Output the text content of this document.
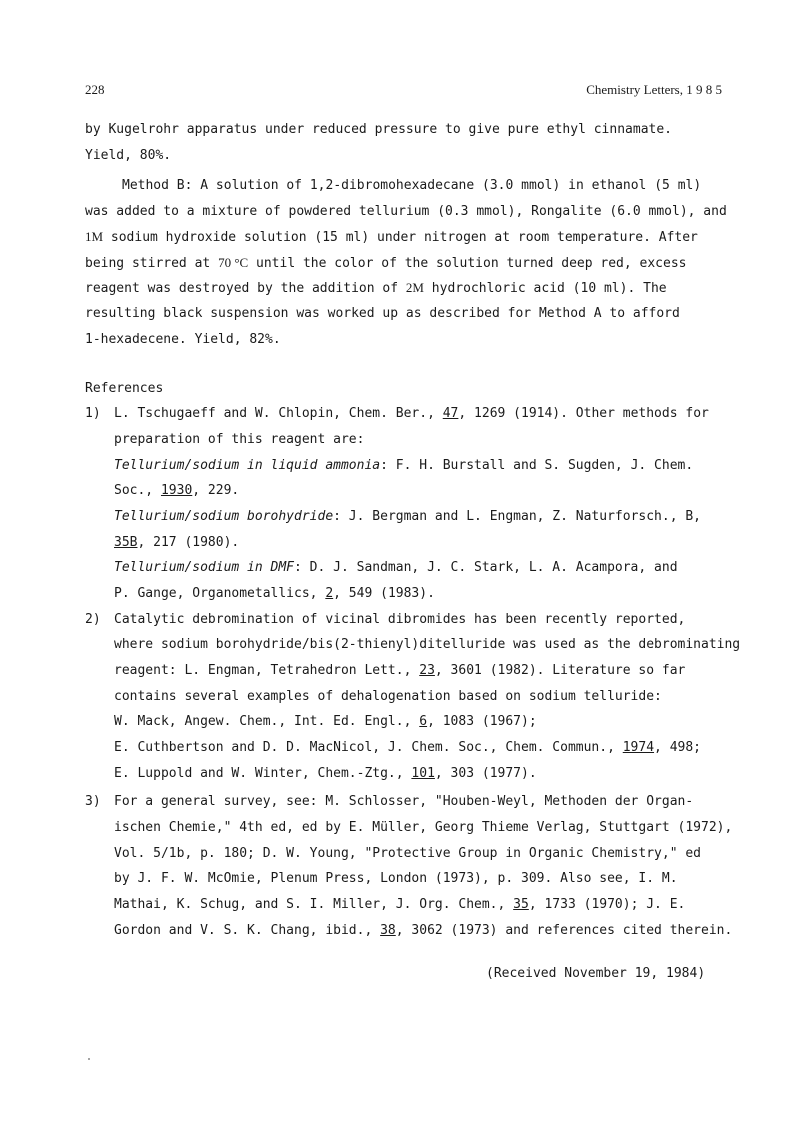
228	Chemistry Letters, 1 9 8 5
by Kugelrohr apparatus under reduced pressure to give pure ethyl cinnamate.
Yield, 80%.
Method B: A solution of 1,2-dibromohexadecane (3.0 mmol) in ethanol (5 ml)
was added to a mixture of powdered tellurium (0.3 mmol), Rongalite (6.0 mmol), and
1M sodium hydroxide solution (15 ml) under nitrogen at room temperature. After
being stirred at 70 °C until the color of the solution turned deep red, excess
reagent was destroyed by the addition of 2M hydrochloric acid (10 ml). The
resulting black suspension was worked up as described for Method A to afford
1-hexadecene. Yield, 82%.
References
1) L. Tschugaeff and W. Chlopin, Chem. Ber., 47, 1269 (1914). Other methods for
preparation of this reagent are:
Tellurium/sodium in liquid ammonia: F. H. Burstall and S. Sugden, J. Chem.
Soc., 1930, 229.
Tellurium/sodium borohydride: J. Bergman and L. Engman, Z. Naturforsch., B,
35B, 217 (1980).
Tellurium/sodium in DMF: D. J. Sandman, J. C. Stark, L. A. Acampora, and
P. Gange, Organometallics, 2, 549 (1983).
2) Catalytic debromination of vicinal dibromides has been recently reported,
where sodium borohydride/bis(2-thienyl)ditelluride was used as the debrominating
reagent: L. Engman, Tetrahedron Lett., 23, 3601 (1982). Literature so far
contains several examples of dehalogenation based on sodium telluride:
W. Mack, Angew. Chem., Int. Ed. Engl., 6, 1083 (1967);
E. Cuthbertson and D. D. MacNicol, J. Chem. Soc., Chem. Commun., 1974, 498;
E. Luppold and W. Winter, Chem.-Ztg., 101, 303 (1977).
3) For a general survey, see: M. Schlosser, "Houben-Weyl, Methoden der Organ-
ischen Chemie," 4th ed, ed by E. Müller, Georg Thieme Verlag, Stuttgart (1972),
Vol. 5/1b, p. 180; D. W. Young, "Protective Group in Organic Chemistry," ed
by J. F. W. McOmie, Plenum Press, London (1973), p. 309. Also see, I. M.
Mathai, K. Schug, and S. I. Miller, J. Org. Chem., 35, 1733 (1970); J. E.
Gordon and V. S. K. Chang, ibid., 38, 3062 (1973) and references cited therein.
(Received November 19, 1984)
